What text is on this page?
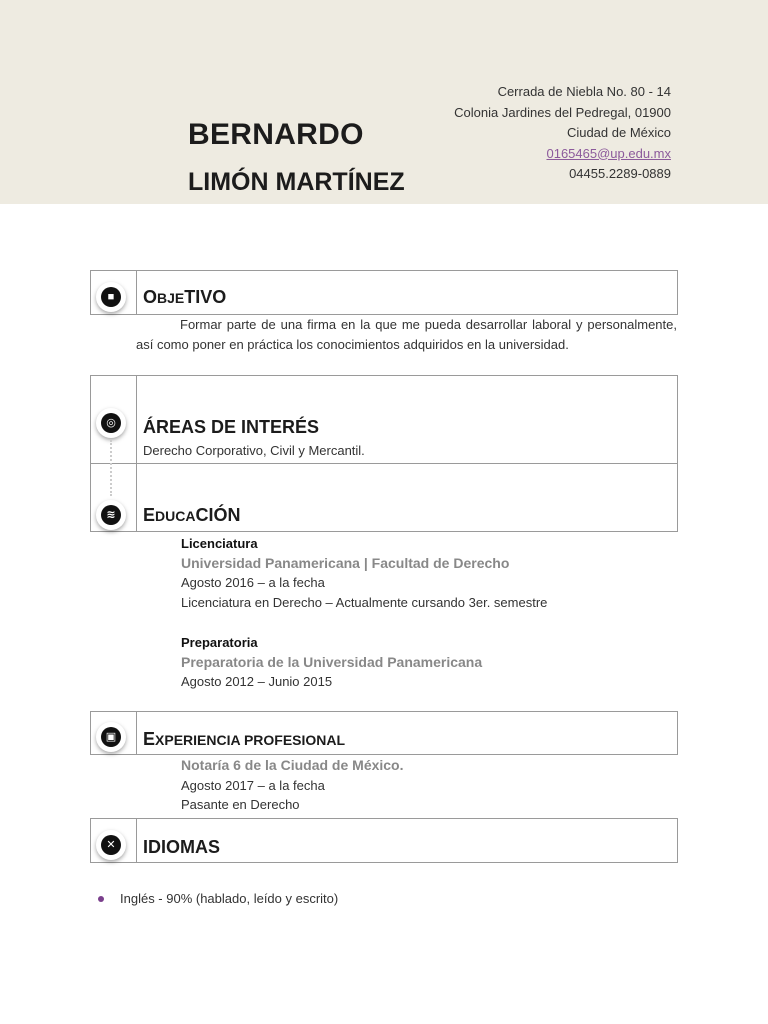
BERNARDO
LIMÓN MARTÍNEZ
Cerrada de Niebla No. 80 - 14
Colonia Jardines del Pedregal, 01900
Ciudad de México
0165465@up.edu.mx
04455.2289-0889
■	OBJETIVO
Formar parte de una firma en la que me pueda desarrollar laboral y personalmente, así como poner en práctica los conocimientos adquiridos en la universidad.
◎ ÁREAS DE INTERÉS
Derecho Corporativo, Civil y Mercantil.
≋ EDUCACIÓN
Licenciatura
Universidad Panamericana | Facultad de Derecho
Agosto 2016 – a la fecha
Licenciatura en Derecho – Actualmente cursando 3er. semestre
Preparatoria
Preparatoria de la Universidad Panamericana
Agosto 2012 – Junio 2015
▣ EXPERIENCIA PROFESIONAL
Notaría 6 de la Ciudad de México.
Agosto 2017 – a la fecha
Pasante en Derecho
✕ IDIOMAS
Inglés - 90% (hablado, leído y escrito)
